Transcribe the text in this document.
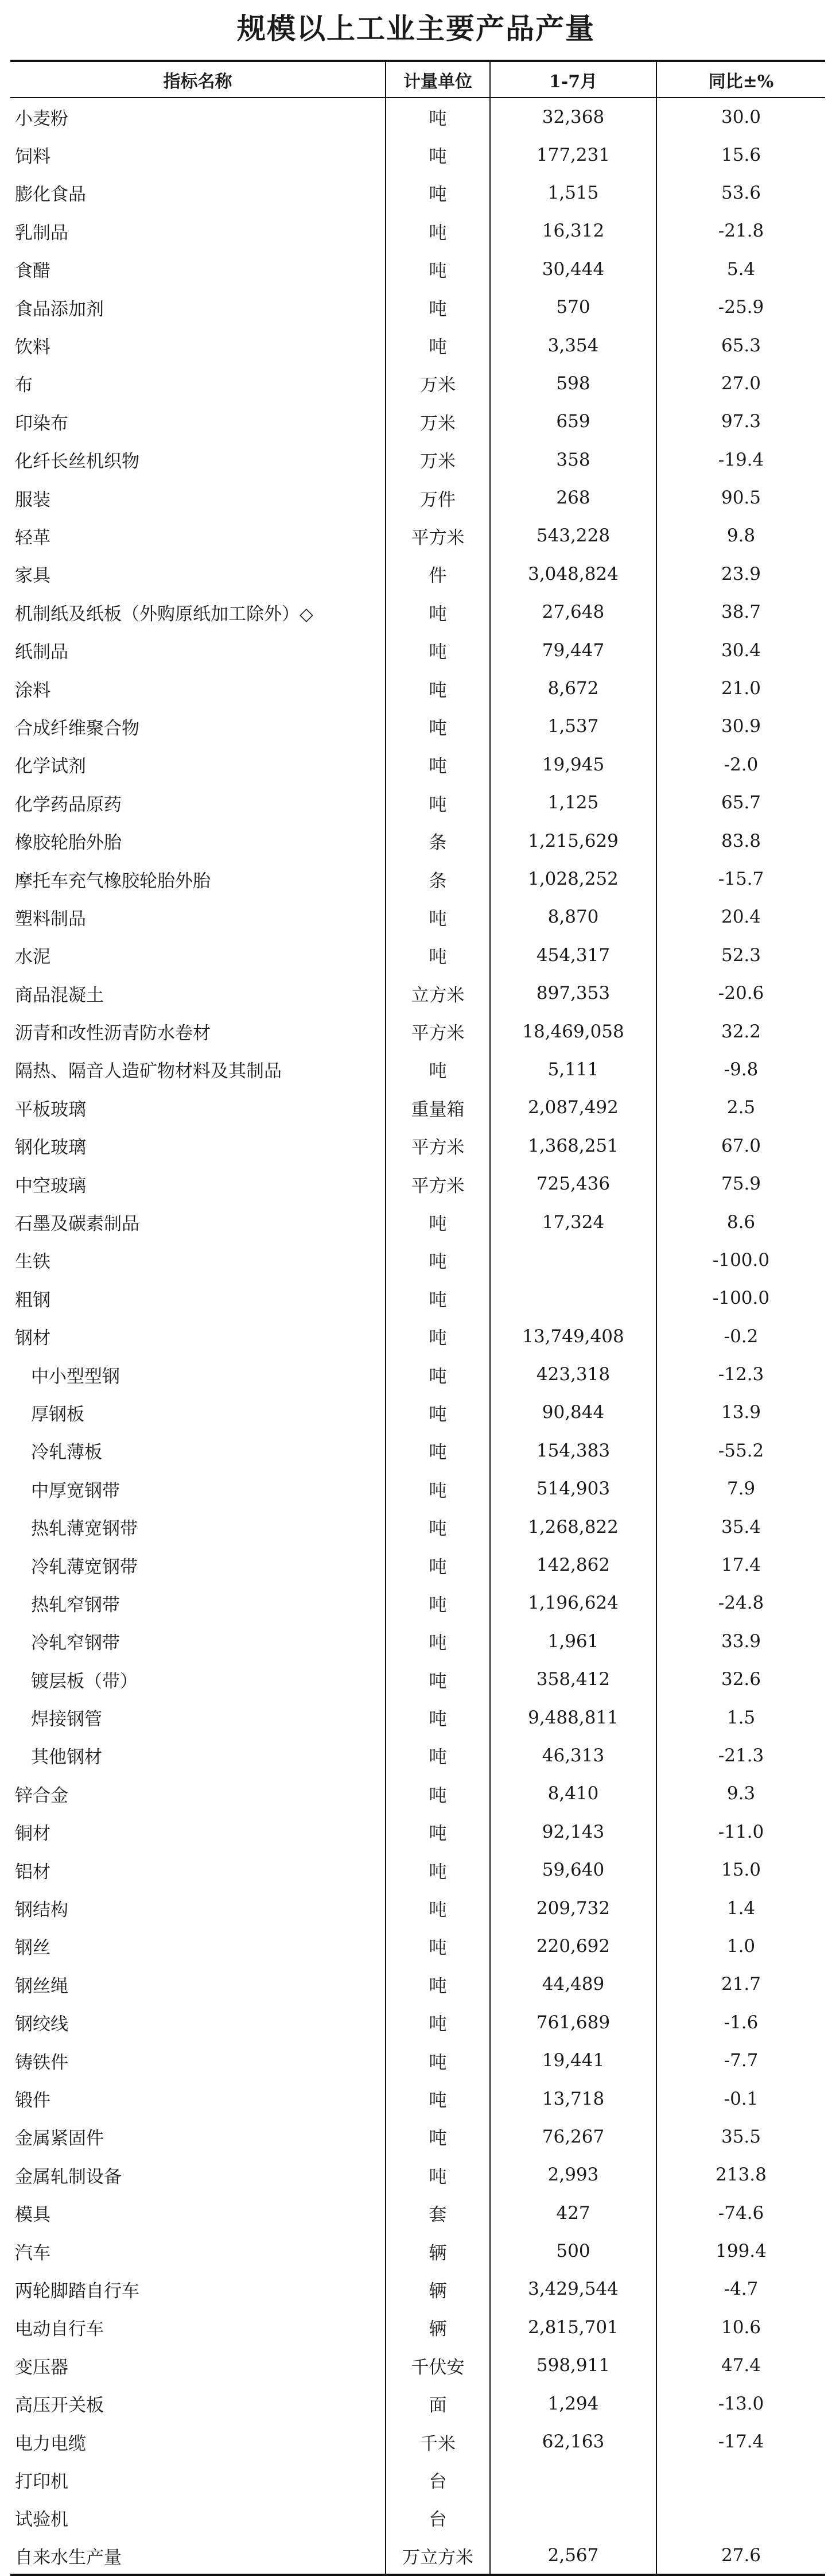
规模以上工业主要产品产量
指标名称	计量单位	1-7月	同比±%
小麦粉	吨	32,368	30.0
饲料	吨	177,231	15.6
膨化食品	吨	1,515	53.6
乳制品	吨	16,312	-21.8
食醋	吨	30,444	5.4
食品添加剂	吨	570	-25.9
饮料	吨	3,354	65.3
布	万米	598	27.0
印染布	万米	659	97.3
化纤长丝机织物	万米	358	-19.4
服装	万件	268	90.5
轻革	平方米	543,228	9.8
家具	件	3,048,824	23.9
机制纸及纸板（外购原纸加工除外）◇	吨	27,648	38.7
纸制品	吨	79,447	30.4
涂料	吨	8,672	21.0
合成纤维聚合物	吨	1,537	30.9
化学试剂	吨	19,945	-2.0
化学药品原药	吨	1,125	65.7
橡胶轮胎外胎	条	1,215,629	83.8
摩托车充气橡胶轮胎外胎	条	1,028,252	-15.7
塑料制品	吨	8,870	20.4
水泥	吨	454,317	52.3
商品混凝土	立方米	897,353	-20.6
沥青和改性沥青防水卷材	平方米	18,469,058	32.2
隔热、隔音人造矿物材料及其制品	吨	5,111	-9.8
平板玻璃	重量箱	2,087,492	2.5
钢化玻璃	平方米	1,368,251	67.0
中空玻璃	平方米	725,436	75.9
石墨及碳素制品	吨	17,324	8.6
生铁	吨		-100.0
粗钢	吨		-100.0
钢材	吨	13,749,408	-0.2
中小型型钢	吨	423,318	-12.3
厚钢板	吨	90,844	13.9
冷轧薄板	吨	154,383	-55.2
中厚宽钢带	吨	514,903	7.9
热轧薄宽钢带	吨	1,268,822	35.4
冷轧薄宽钢带	吨	142,862	17.4
热轧窄钢带	吨	1,196,624	-24.8
冷轧窄钢带	吨	1,961	33.9
镀层板（带）	吨	358,412	32.6
焊接钢管	吨	9,488,811	1.5
其他钢材	吨	46,313	-21.3
锌合金	吨	8,410	9.3
铜材	吨	92,143	-11.0
铝材	吨	59,640	15.0
钢结构	吨	209,732	1.4
钢丝	吨	220,692	1.0
钢丝绳	吨	44,489	21.7
钢绞线	吨	761,689	-1.6
铸铁件	吨	19,441	-7.7
锻件	吨	13,718	-0.1
金属紧固件	吨	76,267	35.5
金属轧制设备	吨	2,993	213.8
模具	套	427	-74.6
汽车	辆	500	199.4
两轮脚踏自行车	辆	3,429,544	-4.7
电动自行车	辆	2,815,701	10.6
变压器	千伏安	598,911	47.4
高压开关板	面	1,294	-13.0
电力电缆	千米	62,163	-17.4
打印机	台		
试验机	台		
自来水生产量	万立方米	2,567	27.6
